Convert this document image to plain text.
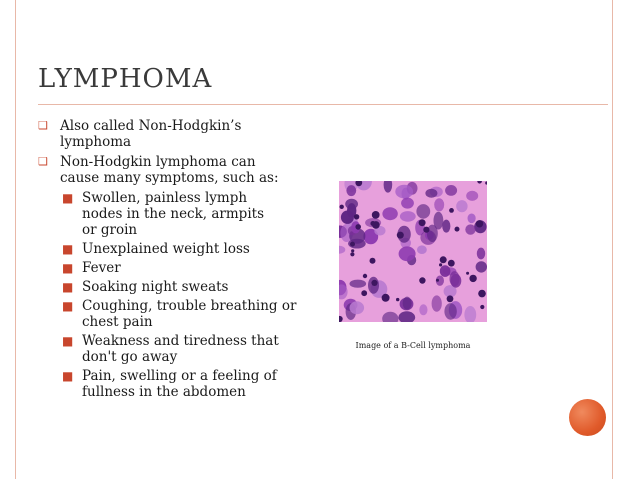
LYMPHOMA
❑ Also called Non-Hodgkin’s lymphoma
❑ Non-Hodgkin lymphoma can cause many symptoms, such as:
■ Swollen, painless lymph nodes in the neck, armpits or groin
■ Unexplained weight loss
■ Fever
■ Soaking night sweats
■ Coughing, trouble breathing or chest pain
■ Weakness and tiredness that don't go away
■ Pain, swelling or a feeling of fullness in the abdomen
Image of a B-Cell lymphoma
